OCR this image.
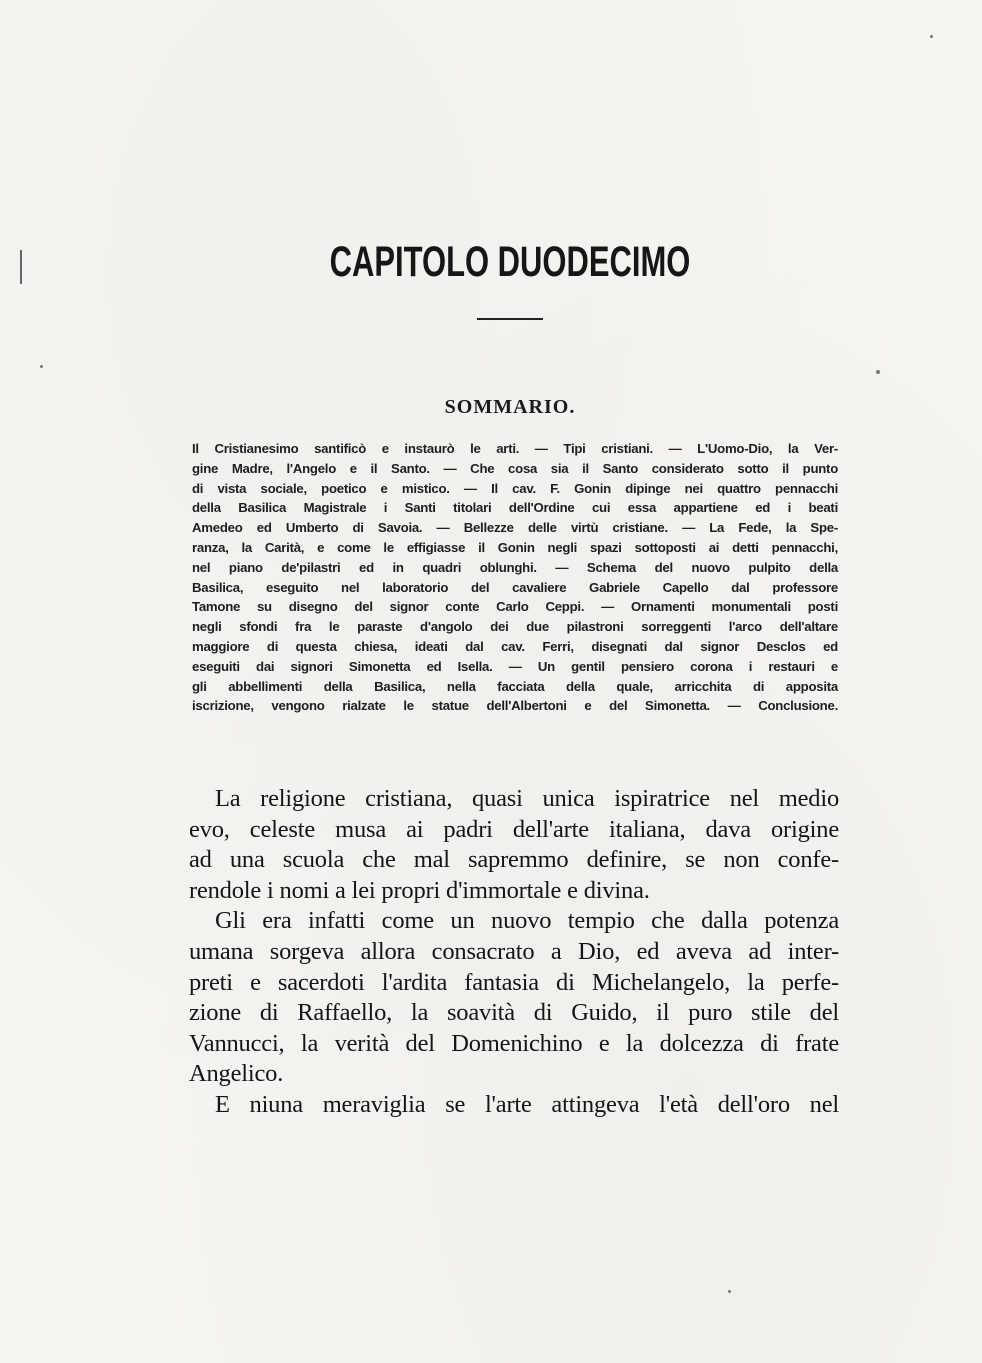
CAPITOLO DUODECIMO
SOMMARIO.
Il Cristianesimo santificò e instaurò le arti. — Tipi cristiani. — L'Uomo-Dio, la Ver-
gine Madre, l'Angelo e il Santo. — Che cosa sia il Santo considerato sotto il punto
di vista sociale, poetico e mistico. — Il cav. F. Gonin dipinge nei quattro pennacchi
della Basilica Magistrale i Santi titolari dell'Ordine cui essa appartiene ed i beati
Amedeo ed Umberto di Savoia. — Bellezze delle virtù cristiane. — La Fede, la Spe-
ranza, la Carità, e come le effigiasse il Gonin negli spazi sottoposti ai detti pennacchi,
nel piano de'pilastri ed in quadri oblunghi. — Schema del nuovo pulpito della
Basilica, eseguito nel laboratorio del cavaliere Gabriele Capello dal professore
Tamone su disegno del signor conte Carlo Ceppi. — Ornamenti monumentali posti
negli sfondi fra le paraste d'angolo dei due pilastroni sorreggenti l'arco dell'altare
maggiore di questa chiesa, ideati dal cav. Ferri, disegnati dal signor Desclos ed
eseguiti dai signori Simonetta ed Isella. — Un gentil pensiero corona i restauri e
gli abbellimenti della Basilica, nella facciata della quale, arricchita di apposita
iscrizione, vengono rialzate le statue dell'Albertoni e del Simonetta. — Conclusione.
La religione cristiana, quasi unica ispiratrice nel medio
evo, celeste musa ai padri dell'arte italiana, dava origine
ad una scuola che mal sapremmo definire, se non confe-
rendole i nomi a lei propri d'immortale e divina.
Gli era infatti come un nuovo tempio che dalla potenza
umana sorgeva allora consacrato a Dio, ed aveva ad inter-
preti e sacerdoti l'ardita fantasia di Michelangelo, la perfe-
zione di Raffaello, la soavità di Guido, il puro stile del
Vannucci, la verità del Domenichino e la dolcezza di frate
Angelico.
E niuna meraviglia se l'arte attingeva l'età dell'oro nel
